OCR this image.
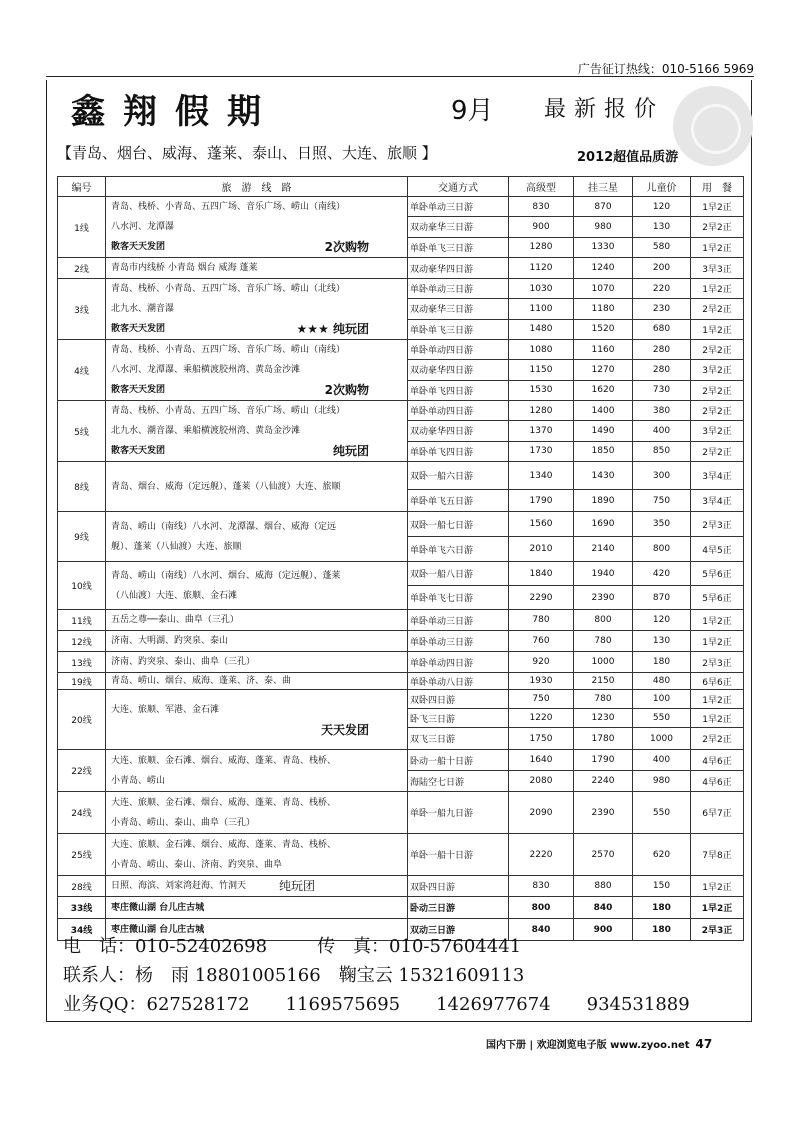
广告征订热线：010-5166 5969
鑫翔假期	9月 最新报价
【青岛、烟台、威海、蓬莱、泰山、日照、大连、旅顺 】	2012超值品质游
编号	旅　游　线　路	交通方式	高级型	挂三星	儿童价	用　餐
1线	青岛、栈桥、小青岛、五四广场、音乐广场、崂山（南线）
八水河、龙潭瀑
散客天天发团 2次购物	单卧单动三日游	830	870	120	1早2正
		双动豪华三日游	900	980	130	2早2正
		单卧单飞三日游	1280	1330	580	1早2正
2线	青岛市内线桥 小青岛 烟台 威海 蓬莱	双动豪华四日游	1120	1240	200	3早3正
3线	青岛、栈桥、小青岛、五四广场、音乐广场、崂山（北线）
北九水、潮音瀑
散客天天发团 ★★★ 纯玩团	单卧单动三日游	1030	1070	220	1早2正
		双动豪华三日游	1100	1180	230	2早2正
		单卧单飞三日游	1480	1520	680	1早2正
4线	青岛、栈桥、小青岛、五四广场、音乐广场、崂山（南线）
八水河、龙潭瀑、乘船横渡胶州湾、黄岛金沙滩
散客天天发团 2次购物	单卧单动四日游	1080	1160	280	2早2正
		双动豪华四日游	1150	1270	280	3早2正
		单卧单飞四日游	1530	1620	730	2早2正
5线	青岛、栈桥、小青岛、五四广场、音乐广场、崂山（北线）
北九水、潮音瀑、乘船横渡胶州湾、黄岛金沙滩
散客天天发团 纯玩团	单卧单动四日游	1280	1400	380	2早2正
		双动豪华四日游	1370	1490	400	3早2正
		单卧单飞四日游	1730	1850	850	2早2正
8线	青岛、烟台、威海（定远舰）、蓬莱（八仙渡）大连、旅顺	双卧一船六日游	1340	1430	300	3早4正
		单卧单飞五日游	1790	1890	750	3早4正
9线	青岛、崂山（南线）八水河、龙潭瀑、烟台、威海（定远
舰）、蓬莱（八仙渡）大连、旅顺	双卧一船七日游	1560	1690	350	2早3正
		单卧单飞六日游	2010	2140	800	4早5正
10线	青岛、崂山（南线）八水河、烟台、威海（定远舰）、蓬莱
（八仙渡）大连、旅顺、金石滩	双卧一船八日游	1840	1940	420	5早6正
		单卧单飞七日游	2290	2390	870	5早6正
11线	五岳之尊──泰山、曲阜（三孔）	单卧单动三日游	780	800	120	1早2正
12线	济南、大明湖、趵突泉、泰山	单卧单动三日游	760	780	130	1早2正
13线	济南、趵突泉、泰山、曲阜（三孔）	单卧单动四日游	920	1000	180	2早3正
19线	青岛、崂山、烟台、威海、蓬莱、济、泰、曲	单卧单动八日游	1930	2150	480	6早6正
20线	大连、旅顺、军港、金石滩
天天发团	双卧四日游	750	780	100	1早2正
		卧飞三日游	1220	1230	550	1早2正
		双飞三日游	1750	1780	1000	2早2正
22线	大连、旅顺、金石滩、烟台、威海、蓬莱、青岛、栈桥、
小青岛、崂山	卧动一船十日游	1640	1790	400	4早6正
		海陆空七日游	2080	2240	980	4早6正
24线	大连、旅顺、金石滩、烟台、威海、蓬莱、青岛、栈桥、
小青岛、崂山、泰山、曲阜（三孔）	单卧一船九日游	2090	2390	550	6早7正
25线	大连、旅顺、金石滩、烟台、威海、蓬莱、青岛、栈桥、
小青岛、崂山、泰山、济南、趵突泉、曲阜	单卧一船十日游	2220	2570	620	7早8正
28线	日照、海滨、刘家湾赶海、竹洞天 纯玩团	双卧四日游	830	880	150	1早2正
33线	枣庄微山湖 台儿庄古城	卧动三日游	800	840	180	1早2正
34线	枣庄微山湖 台儿庄古城	双动三日游	840	900	180	2早3正
电　话：010-52402698	传　真：010-57604441
联系人：杨　雨 18801005166　鞠宝云 15321609113
业务QQ：627528172　　1169575695　　1426977674　　934531889
国内下册 | 欢迎浏览电子版 www.zyoo.net 47
